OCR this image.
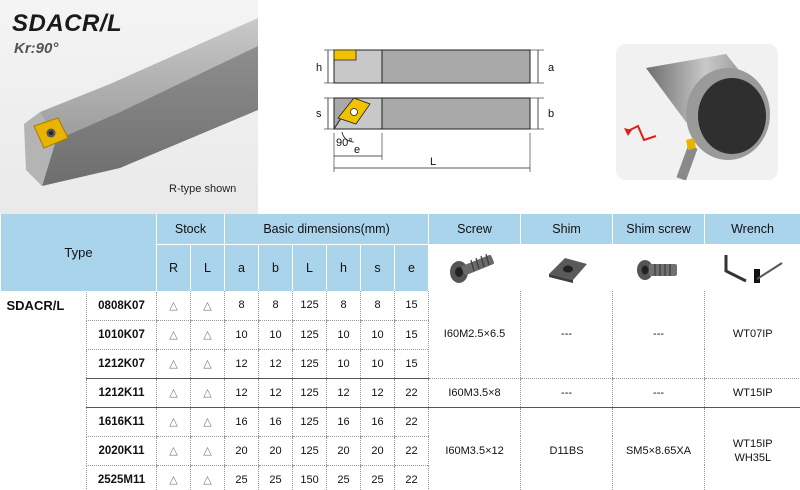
SDACR/L
Kr:90°
R-type shown
h	a
s	b
90°
e
L
Type		Stock		Basic dimensions(mm)						Screw	Shim	Shim screw	Wrench
		R	L	a	b	L	h	s	e	

SDACR/L	0808K07	△	△	8	8	125	8	8	15	I60M2.5×6.5	---	---	WT07IP

	1010K07	△	△	10	10	125	10	10	15				
	1212K07	△	△	12	12	125	10	10	15				
	1212K11	△	△	12	12	125	12	12	22	I60M3.5×8	---	---	WT15IP

	1616K11	△	△	16	16	125	16	16	22	I60M3.5×12	D11BS	SM5×8.65XA	WT15IP
WH35L

	2020K11	△	△	20	20	125	20	20	22				
	2525M11	△	△	25	25	150	25	25	22				
